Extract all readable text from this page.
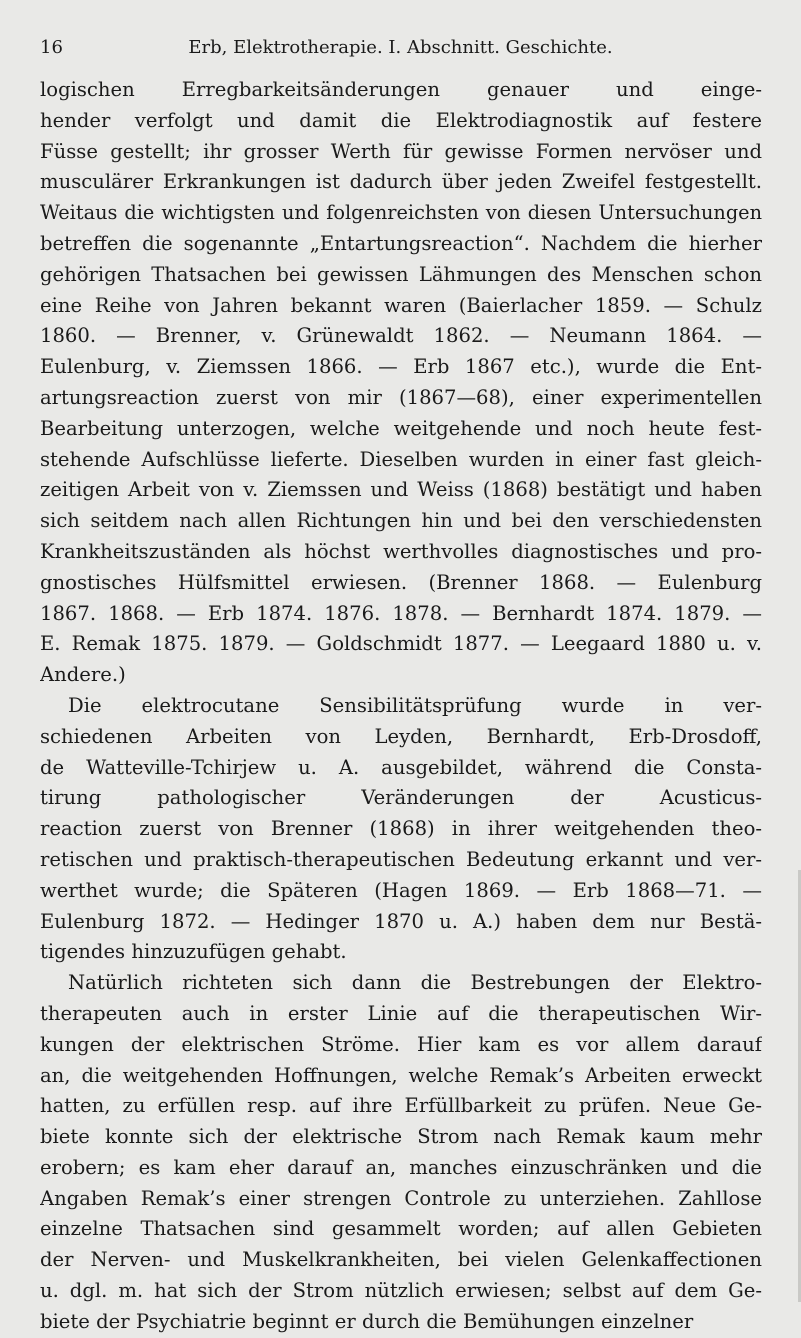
16	Erb, Elektrotherapie. I. Abschnitt. Geschichte.
logischen Erregbarkeitsänderungen genauer und einge-
hender verfolgt und damit die Elektrodiagnostik auf festere
Füsse gestellt; ihr grosser Werth für gewisse Formen nervöser und
musculärer Erkrankungen ist dadurch über jeden Zweifel festgestellt.
Weitaus die wichtigsten und folgenreichsten von diesen Untersuchungen
betreffen die sogenannte „Entartungsreaction“. Nachdem die hierher
gehörigen Thatsachen bei gewissen Lähmungen des Menschen schon
eine Reihe von Jahren bekannt waren (Baierlacher 1859. — Schulz
1860. — Brenner, v. Grünewaldt 1862. — Neumann 1864. —
Eulenburg, v. Ziemssen 1866. — Erb 1867 etc.), wurde die Ent-
artungsreaction zuerst von mir (1867—68), einer experimentellen
Bearbeitung unterzogen, welche weitgehende und noch heute fest-
stehende Aufschlüsse lieferte. Dieselben wurden in einer fast gleich-
zeitigen Arbeit von v. Ziemssen und Weiss (1868) bestätigt und haben
sich seitdem nach allen Richtungen hin und bei den verschiedensten
Krankheitszuständen als höchst werthvolles diagnostisches und pro-
gnostisches Hülfsmittel erwiesen. (Brenner 1868. — Eulenburg
1867. 1868. — Erb 1874. 1876. 1878. — Bernhardt 1874. 1879. —
E. Remak 1875. 1879. — Goldschmidt 1877. — Leegaard 1880 u. v.
Andere.)
Die elektrocutane Sensibilitätsprüfung wurde in ver-
schiedenen Arbeiten von Leyden, Bernhardt, Erb-Drosdoff,
de Watteville-Tchirjew u. A. ausgebildet, während die Consta-
tirung pathologischer Veränderungen der Acusticus-
reaction zuerst von Brenner (1868) in ihrer weitgehenden theo-
retischen und praktisch-therapeutischen Bedeutung erkannt und ver-
werthet wurde; die Späteren (Hagen 1869. — Erb 1868—71. —
Eulenburg 1872. — Hedinger 1870 u. A.) haben dem nur Bestä-
tigendes hinzuzufügen gehabt.
Natürlich richteten sich dann die Bestrebungen der Elektro-
therapeuten auch in erster Linie auf die therapeutischen Wir-
kungen der elektrischen Ströme. Hier kam es vor allem darauf
an, die weitgehenden Hoffnungen, welche Remak’s Arbeiten erweckt
hatten, zu erfüllen resp. auf ihre Erfüllbarkeit zu prüfen. Neue Ge-
biete konnte sich der elektrische Strom nach Remak kaum mehr
erobern; es kam eher darauf an, manches einzuschränken und die
Angaben Remak’s einer strengen Controle zu unterziehen. Zahllose
einzelne Thatsachen sind gesammelt worden; auf allen Gebieten
der Nerven- und Muskelkrankheiten, bei vielen Gelenkaffectionen
u. dgl. m. hat sich der Strom nützlich erwiesen; selbst auf dem Ge-
biete der Psychiatrie beginnt er durch die Bemühungen einzelner
